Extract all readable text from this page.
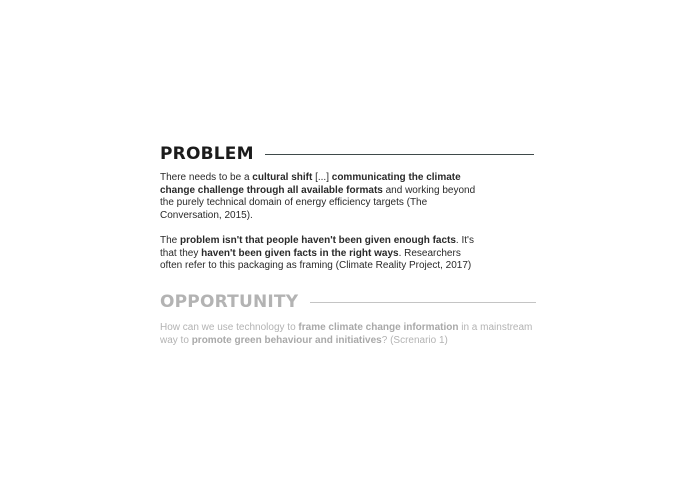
PROBLEM

There needs to be a cultural shift [...] communicating the climate
change challenge through all available formats and working beyond
the purely technical domain of energy efficiency targets (The
Conversation, 2015).

The problem isn't that people haven't been given enough facts. It's
that they haven't been given facts in the right ways. Researchers
often refer to this packaging as framing (Climate Reality Project, 2017)

OPPORTUNITY

How can we use technology to frame climate change information in a mainstream
way to promote green behaviour and initiatives? (Screnario 1)
